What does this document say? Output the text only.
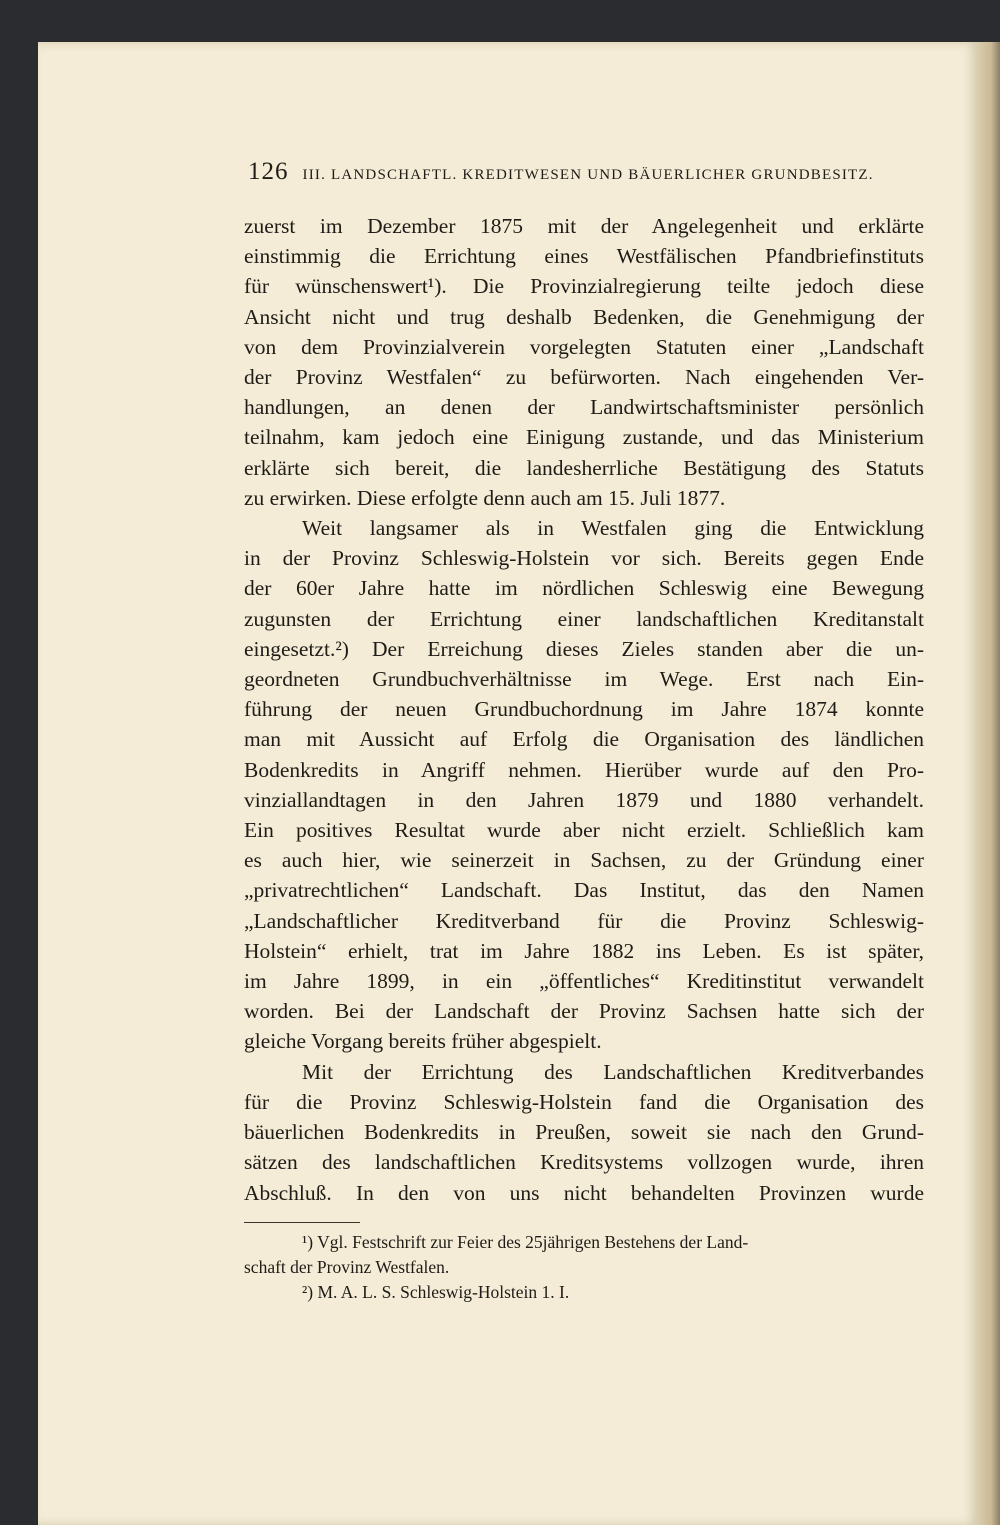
126 III. LANDSCHAFTL. KREDITWESEN UND BÄUERLICHER GRUNDBESITZ.
zuerst im Dezember 1875 mit der Angelegenheit und erklärte
einstimmig die Errichtung eines Westfälischen Pfandbriefinstituts
für wünschenswert¹). Die Provinzialregierung teilte jedoch diese
Ansicht nicht und trug deshalb Bedenken, die Genehmigung der
von dem Provinzialverein vorgelegten Statuten einer „Landschaft
der Provinz Westfalen“ zu befürworten. Nach eingehenden Ver-
handlungen, an denen der Landwirtschaftsminister persönlich
teilnahm, kam jedoch eine Einigung zustande, und das Ministerium
erklärte sich bereit, die landesherrliche Bestätigung des Statuts
zu erwirken. Diese erfolgte denn auch am 15. Juli 1877.
Weit langsamer als in Westfalen ging die Entwicklung
in der Provinz Schleswig-Holstein vor sich. Bereits gegen Ende
der 60er Jahre hatte im nördlichen Schleswig eine Bewegung
zugunsten der Errichtung einer landschaftlichen Kreditanstalt
eingesetzt.²) Der Erreichung dieses Zieles standen aber die un-
geordneten Grundbuchverhältnisse im Wege. Erst nach Ein-
führung der neuen Grundbuchordnung im Jahre 1874 konnte
man mit Aussicht auf Erfolg die Organisation des ländlichen
Bodenkredits in Angriff nehmen. Hierüber wurde auf den Pro-
vinziallandtagen in den Jahren 1879 und 1880 verhandelt.
Ein positives Resultat wurde aber nicht erzielt. Schließlich kam
es auch hier, wie seinerzeit in Sachsen, zu der Gründung einer
„privatrechtlichen“ Landschaft. Das Institut, das den Namen
„Landschaftlicher Kreditverband für die Provinz Schleswig-
Holstein“ erhielt, trat im Jahre 1882 ins Leben. Es ist später,
im Jahre 1899, in ein „öffentliches“ Kreditinstitut verwandelt
worden. Bei der Landschaft der Provinz Sachsen hatte sich der
gleiche Vorgang bereits früher abgespielt.
Mit der Errichtung des Landschaftlichen Kreditverbandes
für die Provinz Schleswig-Holstein fand die Organisation des
bäuerlichen Bodenkredits in Preußen, soweit sie nach den Grund-
sätzen des landschaftlichen Kreditsystems vollzogen wurde, ihren
Abschluß. In den von uns nicht behandelten Provinzen wurde
¹) Vgl. Festschrift zur Feier des 25jährigen Bestehens der Land-
schaft der Provinz Westfalen.
²) M. A. L. S. Schleswig-Holstein 1. I.
